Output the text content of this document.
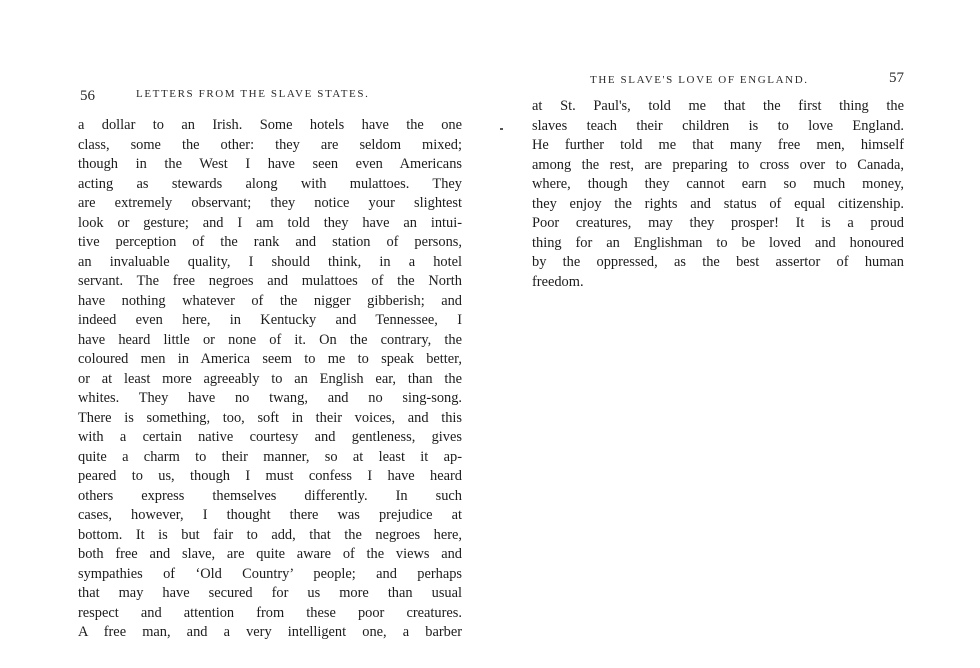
56	LETTERS FROM THE SLAVE STATES.
a dollar to an Irish. Some hotels have the one
class, some the other: they are seldom mixed;
though in the West I have seen even Americans
acting as stewards along with mulattoes. They
are extremely observant; they notice your slightest
look or gesture; and I am told they have an intui-
tive perception of the rank and station of persons,
an invaluable quality, I should think, in a hotel
servant. The free negroes and mulattoes of the North
have nothing whatever of the nigger gibberish; and
indeed even here, in Kentucky and Tennessee, I
have heard little or none of it. On the contrary, the
coloured men in America seem to me to speak better,
or at least more agreeably to an English ear, than the
whites. They have no twang, and no sing-song.
There is something, too, soft in their voices, and this
with a certain native courtesy and gentleness, gives
quite a charm to their manner, so at least it ap-
peared to us, though I must confess I have heard
others express themselves differently. In such
cases, however, I thought there was prejudice at
bottom. It is but fair to add, that the negroes here,
both free and slave, are quite aware of the views and
sympathies of ‘Old Country’ people; and perhaps
that may have secured for us more than usual
respect and attention from these poor creatures.
A free man, and a very intelligent one, a barber
THE SLAVE'S LOVE OF ENGLAND.	57
at St. Paul's, told me that the first thing the
slaves teach their children is to love England.
He further told me that many free men, himself
among the rest, are preparing to cross over to Canada,
where, though they cannot earn so much money,
they enjoy the rights and status of equal citizenship.
Poor creatures, may they prosper! It is a proud
thing for an Englishman to be loved and honoured
by the oppressed, as the best assertor of human
freedom.
